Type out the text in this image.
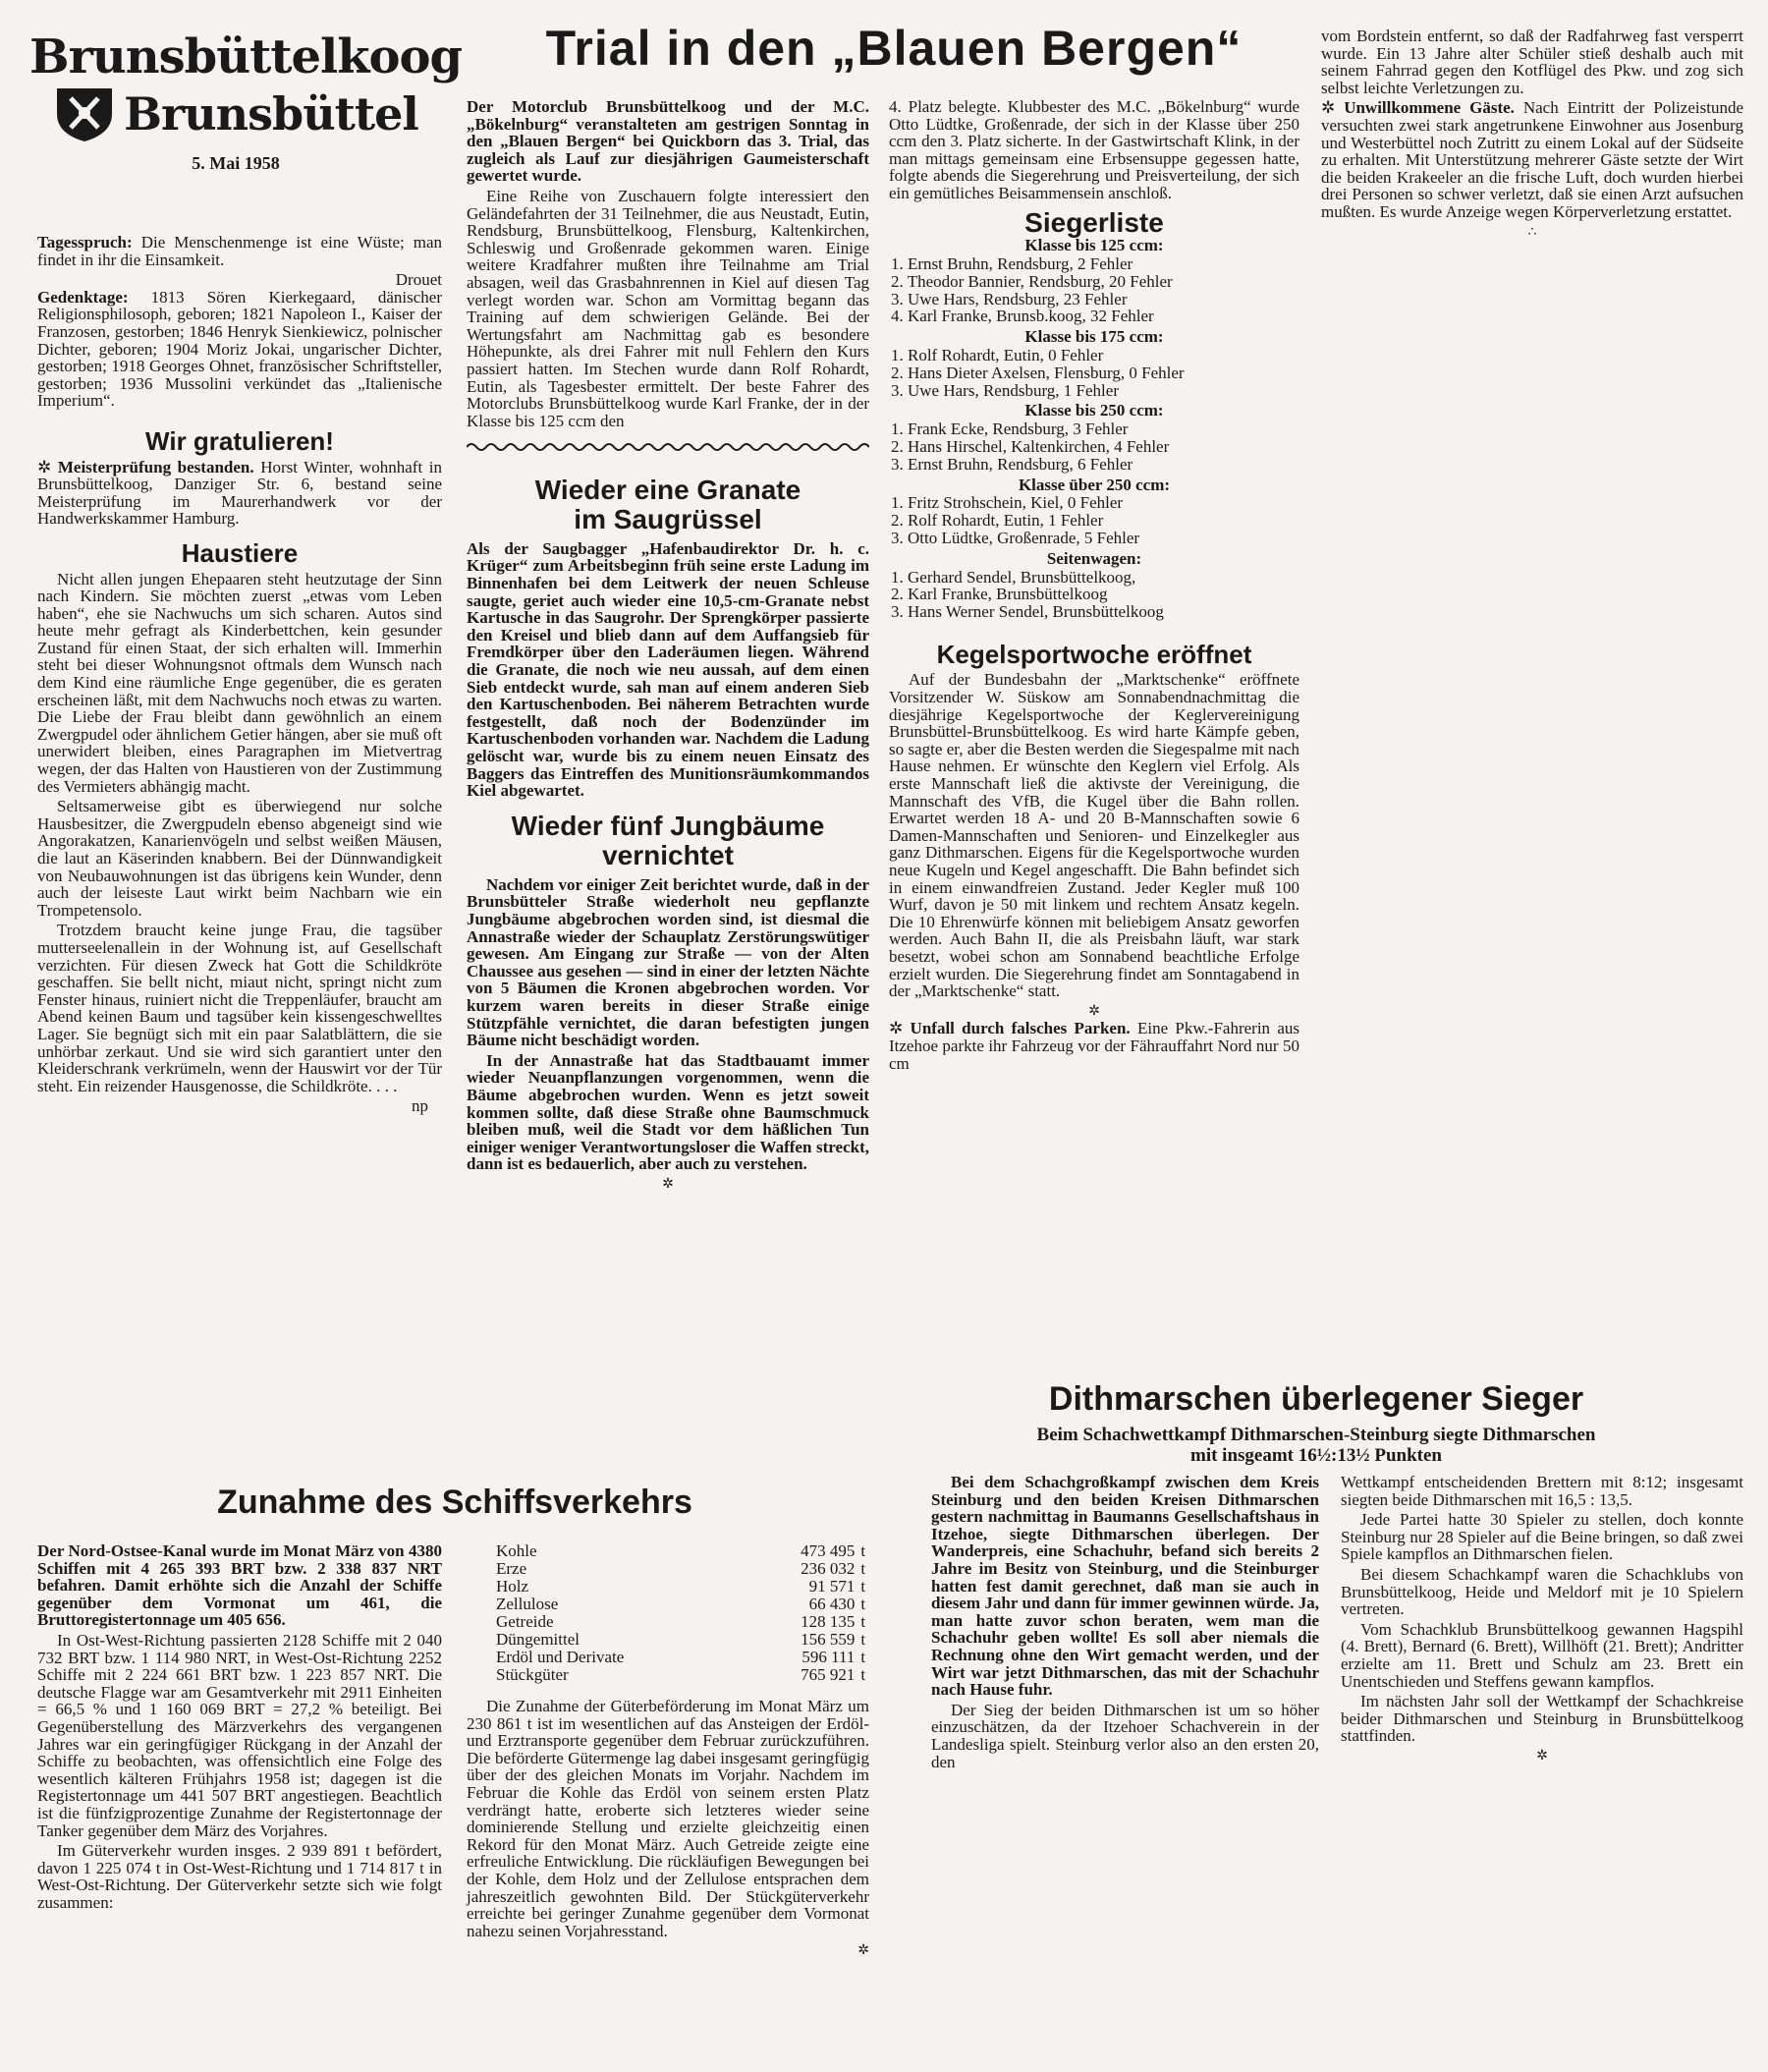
Brunsbüttelkoog
Brunsbüttel
5. Mai 1958

Tagesspruch: Die Menschenmenge ist eine Wüste; man findet in ihr die Einsamkeit.

Drouet

Gedenktage: 1813 Sören Kierkegaard, dänischer Religionsphilosoph, geboren; 1821 Napoleon I., Kaiser der Franzosen, gestorben; 1846 Henryk Sienkiewicz, polnischer Dichter, geboren; 1904 Moriz Jokai, ungarischer Dichter, gestorben; 1918 Georges Ohnet, französischer Schriftsteller, gestorben; 1936 Mussolini verkündet das „Italienische Imperium“.

Wir gratulieren!

✲ Meisterprüfung bestanden. Horst Winter, wohnhaft in Brunsbüttelkoog, Danziger Str. 6, bestand seine Meisterprüfung im Maurerhandwerk vor der Handwerkskammer Hamburg.

Haustiere

Nicht allen jungen Ehepaaren steht heutzutage der Sinn nach Kindern. Sie möchten zuerst „etwas vom Leben haben“, ehe sie Nachwuchs um sich scharen. Autos sind heute mehr gefragt als Kinderbettchen, kein gesunder Zustand für einen Staat, der sich erhalten will. Immerhin steht bei dieser Wohnungsnot oftmals dem Wunsch nach dem Kind eine räumliche Enge gegenüber, die es geraten erscheinen läßt, mit dem Nachwuchs noch etwas zu warten. Die Liebe der Frau bleibt dann gewöhnlich an einem Zwergpudel oder ähnlichem Getier hängen, aber sie muß oft unerwidert bleiben, eines Paragraphen im Mietvertrag wegen, der das Halten von Haustieren von der Zustimmung des Vermieters abhängig macht.

Seltsamerweise gibt es überwiegend nur solche Hausbesitzer, die Zwergpudeln ebenso abgeneigt sind wie Angorakatzen, Kanarienvögeln und selbst weißen Mäusen, die laut an Käserinden knabbern. Bei der Dünnwandigkeit von Neubauwohnungen ist das übrigens kein Wunder, denn auch der leiseste Laut wirkt beim Nachbarn wie ein Trompetensolo.

Trotzdem braucht keine junge Frau, die tagsüber mutterseelenallein in der Wohnung ist, auf Gesellschaft verzichten. Für diesen Zweck hat Gott die Schildkröte geschaffen. Sie bellt nicht, miaut nicht, springt nicht zum Fenster hinaus, ruiniert nicht die Treppenläufer, braucht am Abend keinen Baum und tagsüber kein kissengeschwelltes Lager. Sie begnügt sich mit ein paar Salatblättern, die sie unhörbar zerkaut. Und sie wird sich garantiert unter den Kleiderschrank verkrümeln, wenn der Hauswirt vor der Tür steht. Ein reizender Hausgenosse, die Schildkröte. . . .

np
Trial in den „Blauen Bergen“

Der Motorclub Brunsbüttelkoog und der M.C. „Bökelnburg“ veranstalteten am gestrigen Sonntag in den „Blauen Bergen“ bei Quickborn das 3. Trial, das zugleich als Lauf zur diesjährigen Gaumeisterschaft gewertet wurde.

Eine Reihe von Zuschauern folgte interessiert den Geländefahrten der 31 Teilnehmer, die aus Neustadt, Eutin, Rendsburg, Brunsbüttelkoog, Flensburg, Kaltenkirchen, Schleswig und Großenrade gekommen waren. Einige weitere Kradfahrer mußten ihre Teilnahme am Trial absagen, weil das Grasbahnrennen in Kiel auf diesen Tag verlegt worden war. Schon am Vormittag begann das Training auf dem schwierigen Gelände. Bei der Wertungsfahrt am Nachmittag gab es besondere Höhepunkte, als drei Fahrer mit null Fehlern den Kurs passiert hatten. Im Stechen wurde dann Rolf Rohardt, Eutin, als Tagesbester ermittelt. Der beste Fahrer des Motorclubs Brunsbüttelkoog wurde Karl Franke, der in der Klasse bis 125 ccm den

Wieder eine Granate
im Saugrüssel

Als der Saugbagger „Hafenbaudirektor Dr. h. c. Krüger“ zum Arbeitsbeginn früh seine erste Ladung im Binnenhafen bei dem Leitwerk der neuen Schleuse saugte, geriet auch wieder eine 10,5-cm-Granate nebst Kartusche in das Saugrohr. Der Sprengkörper passierte den Kreisel und blieb dann auf dem Auffangsieb für Fremdkörper über den Laderäumen liegen. Während die Granate, die noch wie neu aussah, auf dem einen Sieb entdeckt wurde, sah man auf einem anderen Sieb den Kartuschenboden. Bei näherem Betrachten wurde festgestellt, daß noch der Bodenzünder im Kartuschenboden vorhanden war. Nachdem die Ladung gelöscht war, wurde bis zu einem neuen Einsatz des Baggers das Eintreffen des Munitionsräumkommandos Kiel abgewartet.

Wieder fünf Jungbäume
vernichtet

Nachdem vor einiger Zeit berichtet wurde, daß in der Brunsbütteler Straße wiederholt neu gepflanzte Jungbäume abgebrochen worden sind, ist diesmal die Annastraße wieder der Schauplatz Zerstörungswütiger gewesen. Am Eingang zur Straße — von der Alten Chaussee aus gesehen — sind in einer der letzten Nächte von 5 Bäumen die Kronen abgebrochen worden. Vor kurzem waren bereits in dieser Straße einige Stützpfähle vernichtet, die daran befestigten jungen Bäume nicht beschädigt worden.

In der Annastraße hat das Stadtbauamt immer wieder Neuanpflanzungen vorgenommen, wenn die Bäume abgebrochen wurden. Wenn es jetzt soweit kommen sollte, daß diese Straße ohne Baumschmuck bleiben muß, weil die Stadt vor dem häßlichen Tun einiger weniger Verantwortungsloser die Waffen streckt, dann ist es bedauerlich, aber auch zu verstehen.

✲

4. Platz belegte. Klubbester des M.C. „Bökelnburg“ wurde Otto Lüdtke, Großenrade, der sich in der Klasse über 250 ccm den 3. Platz sicherte. In der Gastwirtschaft Klink, in der man mittags gemeinsam eine Erbsensuppe gegessen hatte, folgte abends die Siegerehrung und Preisverteilung, der sich ein gemütliches Beisammensein anschloß.

Siegerliste
Klasse bis 125 ccm:
1. Ernst Bruhn, Rendsburg, 2 Fehler
2. Theodor Bannier, Rendsburg, 20 Fehler
3. Uwe Hars, Rendsburg, 23 Fehler
4. Karl Franke, Brunsb.koog, 32 Fehler
Klasse bis 175 ccm:
1. Rolf Rohardt, Eutin, 0 Fehler
2. Hans Dieter Axelsen, Flensburg, 0 Fehler
3. Uwe Hars, Rendsburg, 1 Fehler
Klasse bis 250 ccm:
1. Frank Ecke, Rendsburg, 3 Fehler
2. Hans Hirschel, Kaltenkirchen, 4 Fehler
3. Ernst Bruhn, Rendsburg, 6 Fehler
Klasse über 250 ccm:
1. Fritz Strohschein, Kiel, 0 Fehler
2. Rolf Rohardt, Eutin, 1 Fehler
3. Otto Lüdtke, Großenrade, 5 Fehler
Seitenwagen:
1. Gerhard Sendel, Brunsbüttelkoog,
2. Karl Franke, Brunsbüttelkoog
3. Hans Werner Sendel, Brunsbüttelkoog
Kegelsportwoche eröffnet

Auf der Bundesbahn der „Marktschenke“ eröffnete Vorsitzender W. Süskow am Sonnabendnachmittag die diesjährige Kegelsportwoche der Keglervereinigung Brunsbüttel-Brunsbüttelkoog. Es wird harte Kämpfe geben, so sagte er, aber die Besten werden die Siegespalme mit nach Hause nehmen. Er wünschte den Keglern viel Erfolg. Als erste Mannschaft ließ die aktivste der Vereinigung, die Mannschaft des VfB, die Kugel über die Bahn rollen. Erwartet werden 18 A- und 20 B-Mannschaften sowie 6 Damen-Mannschaften und Senioren- und Einzelkegler aus ganz Dithmarschen. Eigens für die Kegelsportwoche wurden neue Kugeln und Kegel angeschafft. Die Bahn befindet sich in einem einwandfreien Zustand. Jeder Kegler muß 100 Wurf, davon je 50 mit linkem und rechtem Ansatz kegeln. Die 10 Ehrenwürfe können mit beliebigem Ansatz geworfen werden. Auch Bahn II, die als Preisbahn läuft, war stark besetzt, wobei schon am Sonnabend beachtliche Erfolge erzielt wurden. Die Siegerehrung findet am Sonntagabend in der „Marktschenke“ statt.

✲

✲ Unfall durch falsches Parken. Eine Pkw.-Fahrerin aus Itzehoe parkte ihr Fahrzeug vor der Fährauffahrt Nord nur 50 cm

vom Bordstein entfernt, so daß der Radfahrweg fast versperrt wurde. Ein 13 Jahre alter Schüler stieß deshalb auch mit seinem Fahrrad gegen den Kotflügel des Pkw. und zog sich selbst leichte Verletzungen zu.

✲ Unwillkommene Gäste. Nach Eintritt der Polizeistunde versuchten zwei stark angetrunkene Einwohner aus Josenburg und Westerbüttel noch Zutritt zu einem Lokal auf der Südseite zu erhalten. Mit Unterstützung mehrerer Gäste setzte der Wirt die beiden Krakeeler an die frische Luft, doch wurden hierbei drei Personen so schwer verletzt, daß sie einen Arzt aufsuchen mußten. Es wurde Anzeige wegen Körperverletzung erstattet.

∴
Dithmarschen überlegener Sieger
Beim Schachwettkampf Dithmarschen-Steinburg siegte Dithmarschen
mit insgeamt 16½:13½ Punkten

Bei dem Schachgroßkampf zwischen dem Kreis Steinburg und den beiden Kreisen Dithmarschen gestern nachmittag in Baumanns Gesellschaftshaus in Itzehoe, siegte Dithmarschen überlegen. Der Wanderpreis, eine Schachuhr, befand sich bereits 2 Jahre im Besitz von Steinburg, und die Steinburger hatten fest damit gerechnet, daß man sie auch in diesem Jahr und dann für immer gewinnen würde. Ja, man hatte zuvor schon beraten, wem man die Schachuhr geben wollte! Es soll aber niemals die Rechnung ohne den Wirt gemacht werden, und der Wirt war jetzt Dithmarschen, das mit der Schachuhr nach Hause fuhr.

Der Sieg der beiden Dithmarschen ist um so höher einzuschätzen, da der Itzehoer Schachverein in der Landesliga spielt. Steinburg verlor also an den ersten 20, den

Wettkampf entscheidenden Brettern mit 8:12; insgesamt siegten beide Dithmarschen mit 16,5 : 13,5.

Jede Partei hatte 30 Spieler zu stellen, doch konnte Steinburg nur 28 Spieler auf die Beine bringen, so daß zwei Spiele kampflos an Dithmarschen fielen.

Bei diesem Schachkampf waren die Schachklubs von Brunsbüttelkoog, Heide und Meldorf mit je 10 Spielern vertreten.

Vom Schachklub Brunsbüttelkoog gewannen Hagspihl (4. Brett), Bernard (6. Brett), Willhöft (21. Brett); Andritter erzielte am 11. Brett und Schulz am 23. Brett ein Unentschieden und Steffens gewann kampflos.

Im nächsten Jahr soll der Wettkampf der Schachkreise beider Dithmarschen und Steinburg in Brunsbüttelkoog stattfinden.

✲
Zunahme des Schiffsverkehrs

Der Nord-Ostsee-Kanal wurde im Monat März von 4380 Schiffen mit 4 265 393 BRT bzw. 2 338 837 NRT befahren. Damit erhöhte sich die Anzahl der Schiffe gegenüber dem Vormonat um 461, die Bruttoregistertonnage um 405 656.

In Ost-West-Richtung passierten 2128 Schiffe mit 2 040 732 BRT bzw. 1 114 980 NRT, in West-Ost-Richtung 2252 Schiffe mit 2 224 661 BRT bzw. 1 223 857 NRT. Die deutsche Flagge war am Gesamtverkehr mit 2911 Einheiten = 66,5 % und 1 160 069 BRT = 27,2 % beteiligt. Bei Gegenüberstellung des Märzverkehrs des vergangenen Jahres war ein geringfügiger Rückgang in der Anzahl der Schiffe zu beobachten, was offensichtlich eine Folge des wesentlich kälteren Frühjahrs 1958 ist; dagegen ist die Registertonnage um 441 507 BRT angestiegen. Beachtlich ist die fünfzigprozentige Zunahme der Registertonnage der Tanker gegenüber dem März des Vorjahres.

Im Güterverkehr wurden insges. 2 939 891 t befördert, davon 1 225 074 t in Ost-West-Richtung und 1 714 817 t in West-Ost-Richtung. Der Güterverkehr setzte sich wie folgt zusammen:

Kohle	473 495	t
Erze	236 032	t
Holz	91 571	t
Zellulose	66 430	t
Getreide	128 135	t
Düngemittel	156 559	t
Erdöl und Derivate	596 111	t
Stückgüter	765 921	t

Die Zunahme der Güterbeförderung im Monat März um 230 861 t ist im wesentlichen auf das Ansteigen der Erdöl- und Erztransporte gegenüber dem Februar zurückzuführen. Die beförderte Gütermenge lag dabei insgesamt geringfügig über der des gleichen Monats im Vorjahr. Nachdem im Februar die Kohle das Erdöl von seinem ersten Platz verdrängt hatte, eroberte sich letzteres wieder seine dominierende Stellung und erzielte gleichzeitig einen Rekord für den Monat März. Auch Getreide zeigte eine erfreuliche Entwicklung. Die rückläufigen Bewegungen bei der Kohle, dem Holz und der Zellulose entsprachen dem jahreszeitlich gewohnten Bild. Der Stückgüterverkehr erreichte bei geringer Zunahme gegenüber dem Vormonat nahezu seinen Vorjahresstand.

✲
